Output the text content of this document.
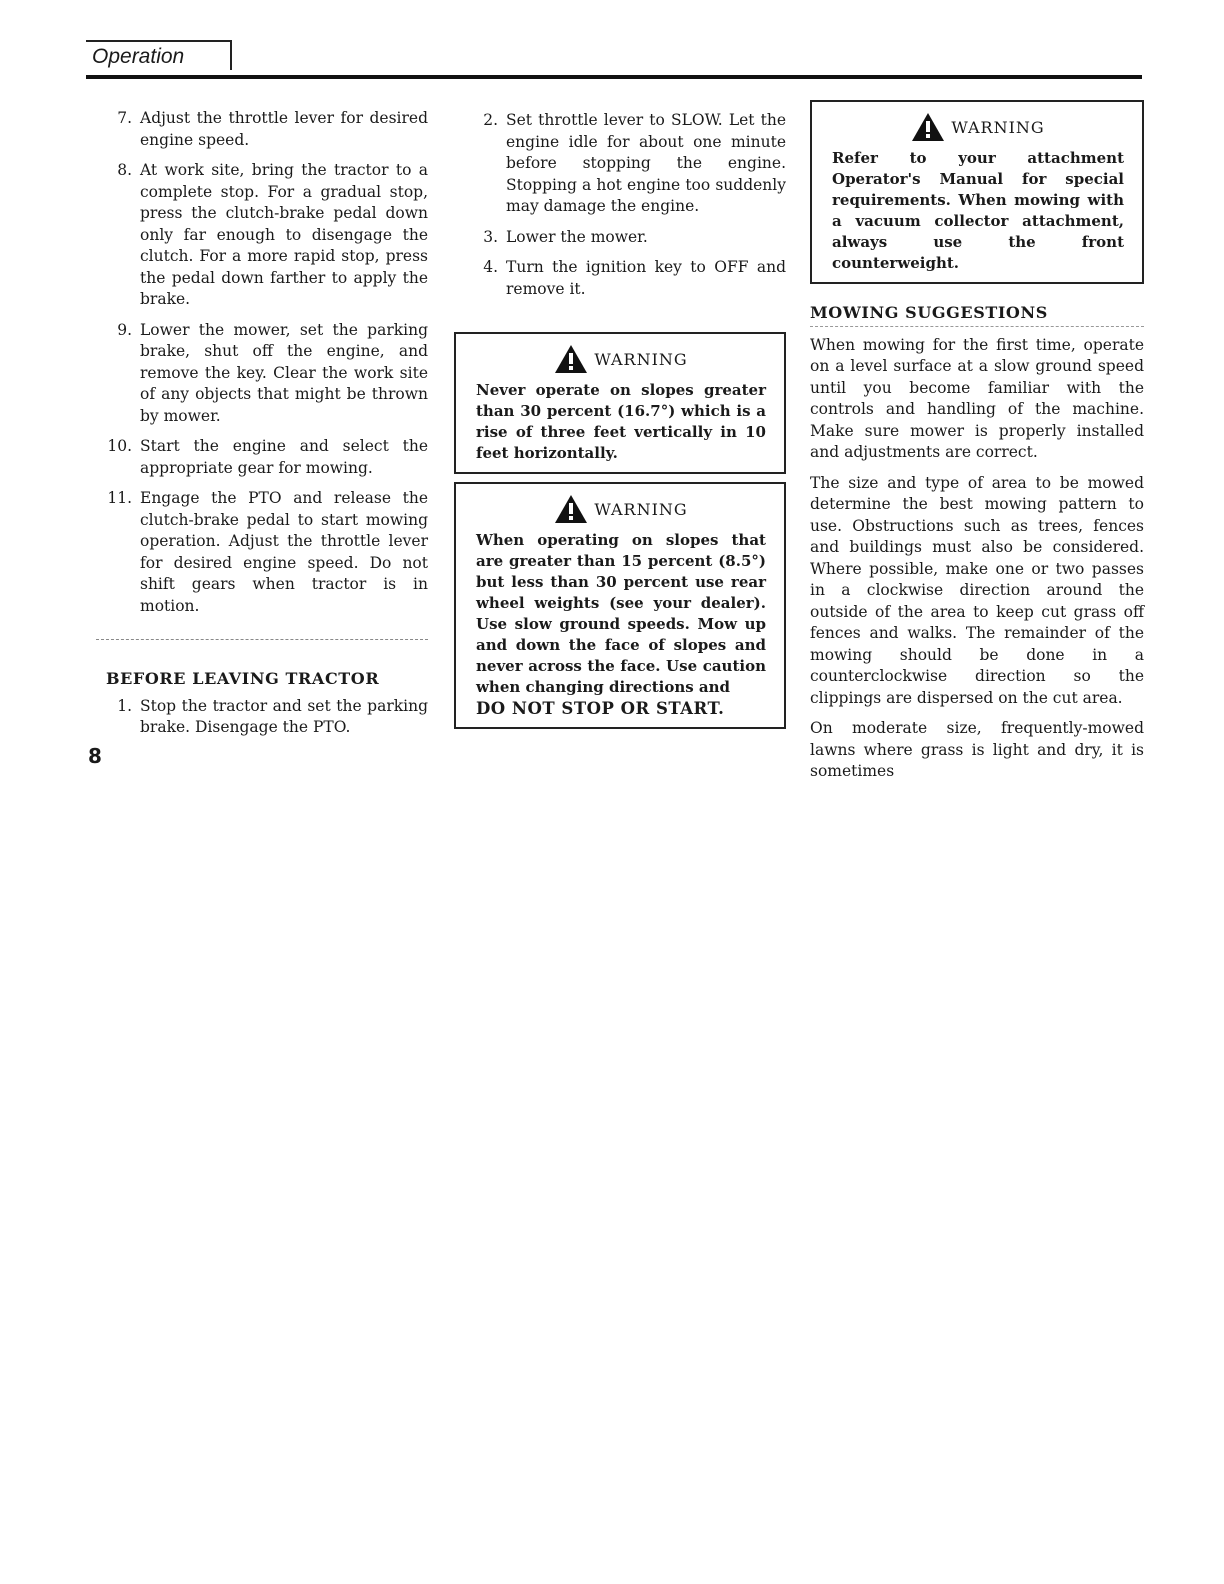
Operation
7. Adjust the throttle lever for desired engine speed.
8. At work site, bring the tractor to a complete stop. For a gradual stop, press the clutch-brake pedal down only far enough to disengage the clutch. For a more rapid stop, press the pedal down farther to apply the brake.
9. Lower the mower, set the parking brake, shut off the engine, and remove the key. Clear the work site of any objects that might be thrown by mower.
10. Start the engine and select the appropriate gear for mowing.
11. Engage the PTO and release the clutch-brake pedal to start mowing operation. Adjust the throttle lever for desired engine speed. Do not shift gears when tractor is in motion.
BEFORE LEAVING TRACTOR
1. Stop the tractor and set the parking brake. Disengage the PTO.
2. Set throttle lever to SLOW. Let the engine idle for about one minute before stopping the engine. Stopping a hot engine too suddenly may damage the engine.
3. Lower the mower.
4. Turn the ignition key to OFF and remove it.
WARNING
Never operate on slopes greater than 30 percent (16.7°) which is a rise of three feet vertically in 10 feet horizontally.
WARNING
When operating on slopes that are greater than 15 percent (8.5°) but less than 30 percent use rear wheel weights (see your dealer). Use slow ground speeds. Mow up and down the face of slopes and never across the face. Use caution when changing directions and
DO NOT STOP OR START.
WARNING
Refer to your attachment Operator's Manual for special requirements. When mowing with a vacuum collector attachment, always use the front counterweight.
MOWING SUGGESTIONS

When mowing for the first time, operate on a level surface at a slow ground speed until you become familiar with the controls and handling of the machine. Make sure mower is properly installed and adjustments are correct.

The size and type of area to be mowed determine the best mowing pattern to use. Obstructions such as trees, fences and buildings must also be considered. Where possible, make one or two passes in a clockwise direction around the outside of the area to keep cut grass off fences and walks. The remainder of the mowing should be done in a counterclockwise direction so the clippings are dispersed on the cut area.

On moderate size, frequently-mowed lawns where grass is light and dry, it is sometimes

8
